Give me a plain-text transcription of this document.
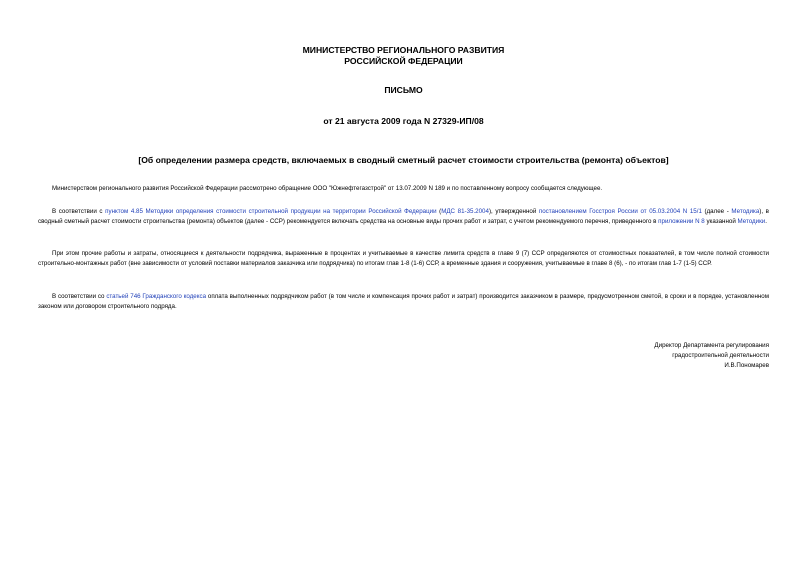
МИНИСТЕРСТВО РЕГИОНАЛЬНОГО РАЗВИТИЯ
РОССИЙСКОЙ ФЕДЕРАЦИИ
ПИСЬМО
от 21 августа 2009 года N 27329-ИП/08
[Об определении размера средств, включаемых в сводный сметный расчет стоимости строительства (ремонта) объектов]

Министерством регионального развития Российской Федерации рассмотрено обращение ООО "Южнефтегазстрой" от 13.07.2009 N 189 и по поставленному вопросу сообщается следующее.

В соответствии с пунктом 4.85 Методики определения стоимости строительной продукции на территории Российской Федерации (МДС 81-35.2004), утвержденной постановлением Госстроя России от 05.03.2004 N 15/1 (далее - Методика), в сводный сметный расчет стоимости строительства (ремонта) объектов (далее - ССР) рекомендуется включать средства на основные виды прочих работ и затрат, с учетом рекомендуемого перечня, приведенного в приложении N 8 указанной Методики.

При этом прочие работы и затраты, относящиеся к деятельности подрядчика, выраженные в процентах и учитываемые в качестве лимита средств в главе 9 (7) ССР определяются от стоимостных показателей, в том числе полной стоимости строительно-монтажных работ (вне зависимости от условий поставки материалов заказчика или подрядчика) по итогам глав 1-8 (1-6) ССР, а временные здания и сооружения, учитываемые в главе 8 (6), - по итогам глав 1-7 (1-5) ССР.

В соответствии со статьей 746 Гражданского кодекса оплата выполненных подрядчиком работ (в том числе и компенсация прочих работ и затрат) производится заказчиком в размере, предусмотренном сметой, в сроки и в порядке, установленном законом или договором строительного подряда.

Директор Департамента регулирования
градостроительной деятельности
И.В.Пономарев
